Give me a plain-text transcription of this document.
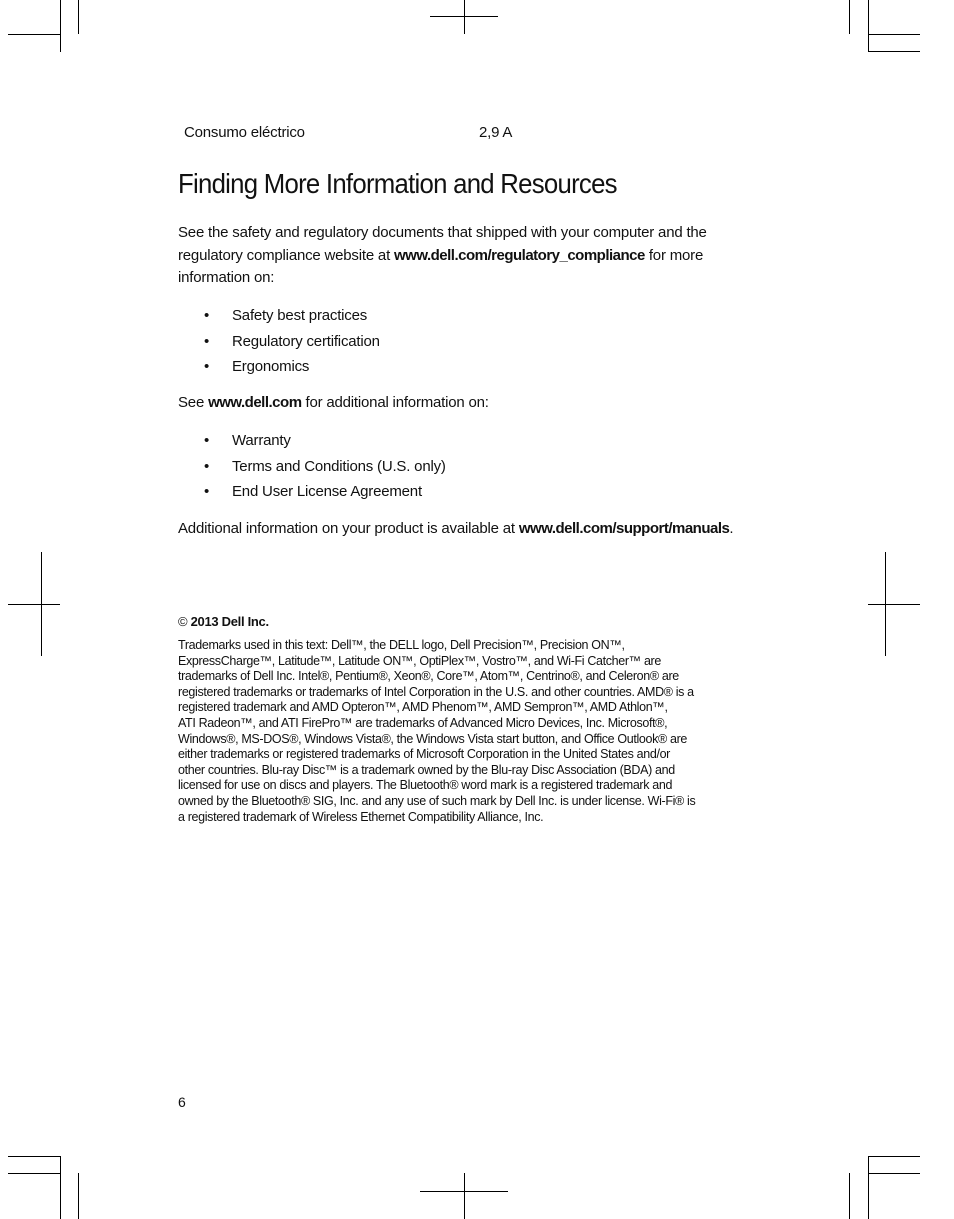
Consumo eléctrico	2,9 A
Finding More Information and Resources
See the safety and regulatory documents that shipped with your computer and the regulatory compliance website at www.dell.com/regulatory_compliance for more information on:
• Safety best practices
• Regulatory certification
• Ergonomics
See www.dell.com for additional information on:
• Warranty
• Terms and Conditions (U.S. only)
• End User License Agreement
Additional information on your product is available at www.dell.com/support/manuals.
© 2013 Dell Inc.
Trademarks used in this text: Dell™, the DELL logo, Dell Precision™, Precision ON™,
ExpressCharge™, Latitude™, Latitude ON™, OptiPlex™, Vostro™, and Wi-Fi Catcher™ are
trademarks of Dell Inc. Intel®, Pentium®, Xeon®, Core™, Atom™, Centrino®, and Celeron® are
registered trademarks or trademarks of Intel Corporation in the U.S. and other countries. AMD® is a
registered trademark and AMD Opteron™, AMD Phenom™, AMD Sempron™, AMD Athlon™,
ATI Radeon™, and ATI FirePro™ are trademarks of Advanced Micro Devices, Inc. Microsoft®,
Windows®, MS-DOS®, Windows Vista®, the Windows Vista start button, and Office Outlook® are
either trademarks or registered trademarks of Microsoft Corporation in the United States and/or
other countries. Blu-ray Disc™ is a trademark owned by the Blu-ray Disc Association (BDA) and
licensed for use on discs and players. The Bluetooth® word mark is a registered trademark and
owned by the Bluetooth® SIG, Inc. and any use of such mark by Dell Inc. is under license. Wi-Fi® is
a registered trademark of Wireless Ethernet Compatibility Alliance, Inc.
6
